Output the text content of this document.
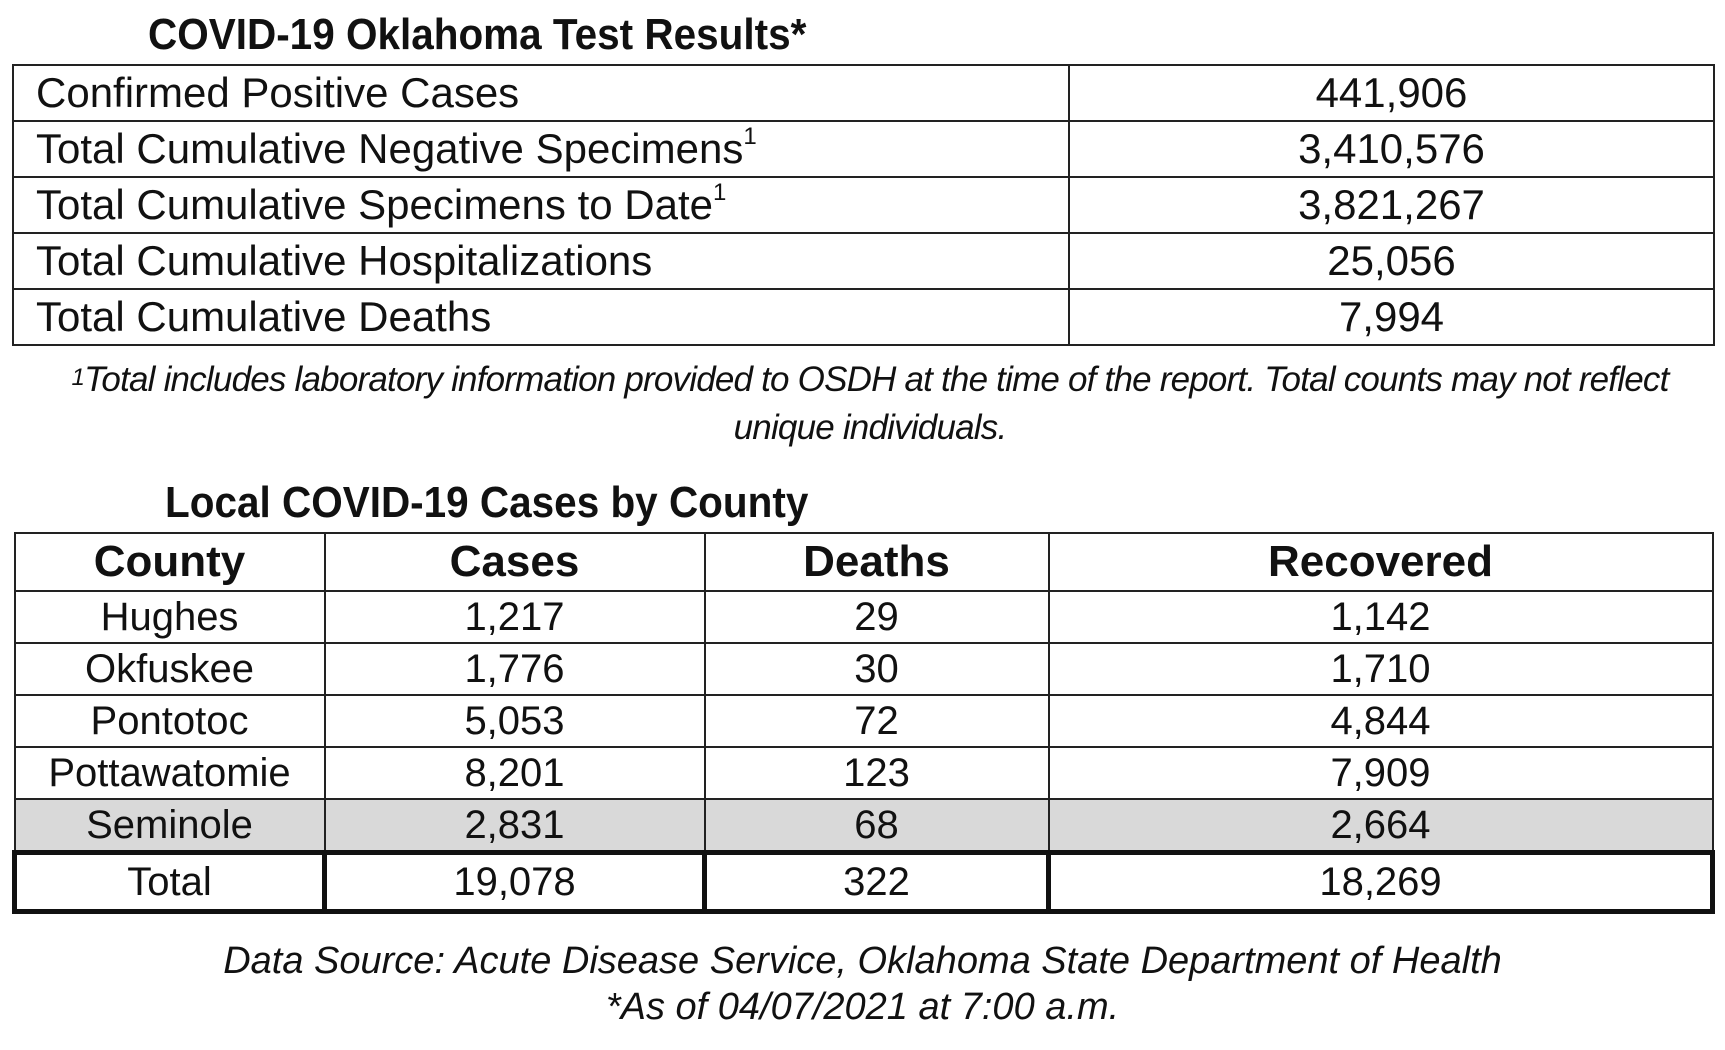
COVID-19 Oklahoma Test Results*
Confirmed Positive Cases	441,906
Total Cumulative Negative Specimens$^1$	3,410,576
Total Cumulative Specimens to Date$^1$	3,821,267
Total Cumulative Hospitalizations	25,056
Total Cumulative Deaths	7,994
$^1$Total includes laboratory information provided to OSDH at the time of the report. Total counts may not reflect
unique individuals.
Local COVID-19 Cases by County
County	Cases	Deaths	Recovered
Hughes	1,217	29	1,142
Okfuskee	1,776	30	1,710
Pontotoc	5,053	72	4,844
Pottawatomie	8,201	123	7,909
Seminole	2,831	68	2,664
Total	19,078	322	18,269
Data Source: Acute Disease Service, Oklahoma State Department of Health
*As of 04/07/2021 at 7:00 a.m.
